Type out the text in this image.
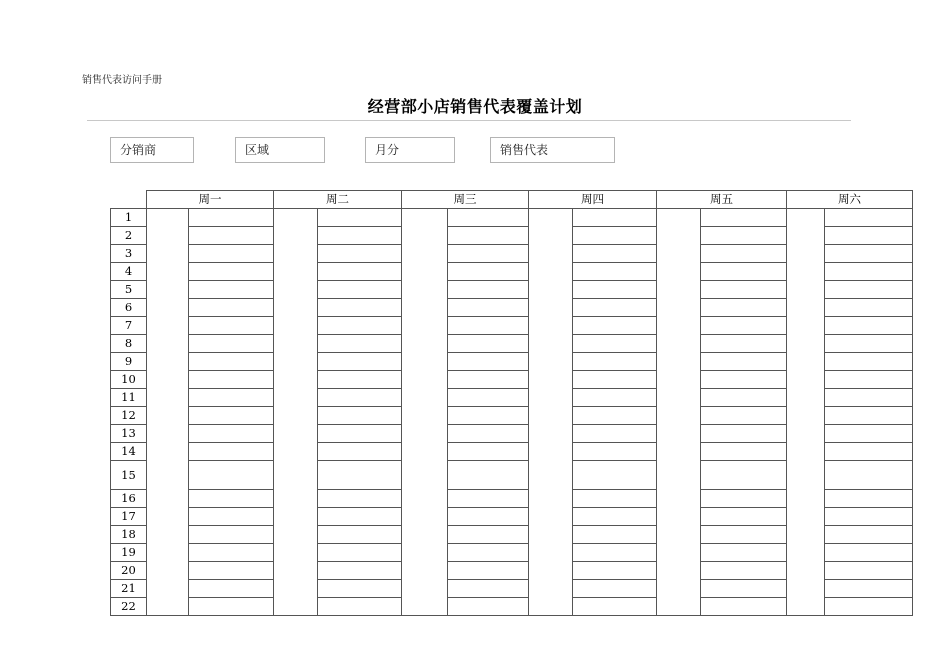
销售代表访问手册
经营部小店销售代表覆盖计划
分销商	区域	月分	销售代表
	周一		周二		周三		周四		周五		周六	
1												
2												
3												
4												
5												
6												
7												
8												
9												
10												
11												
12												
13												
14												
15												
16												
17												
18												
19												
20												
21												
22												
